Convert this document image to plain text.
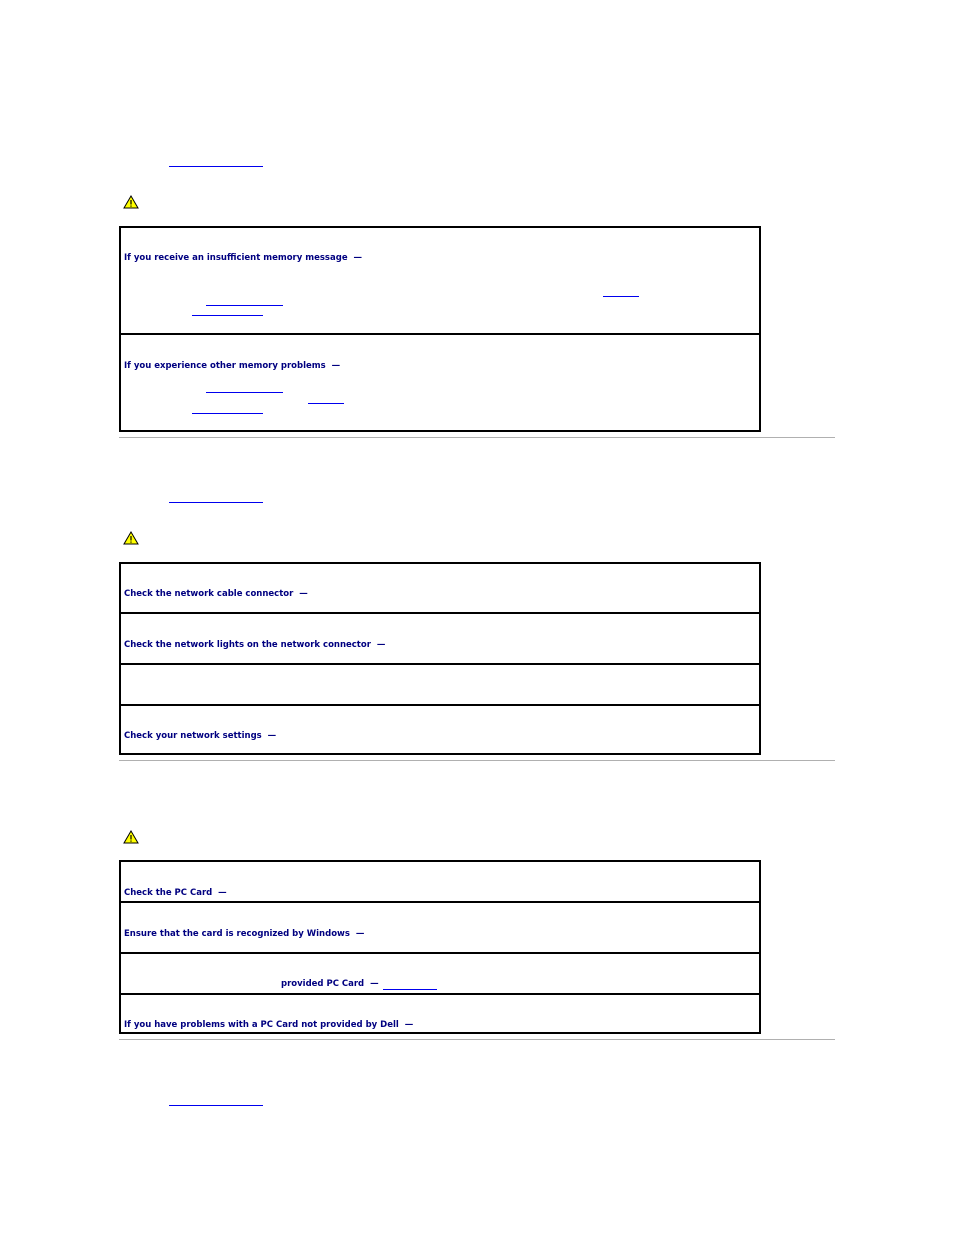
If you receive an insufficient memory message —
If you experience other memory problems —
Check the network cable connector —
Check the network lights on the network connector —
Check your network settings —
Check the PC Card —
Ensure that the card is recognized by Windows —
provided PC Card —
If you have problems with a PC Card not provided by Dell —
